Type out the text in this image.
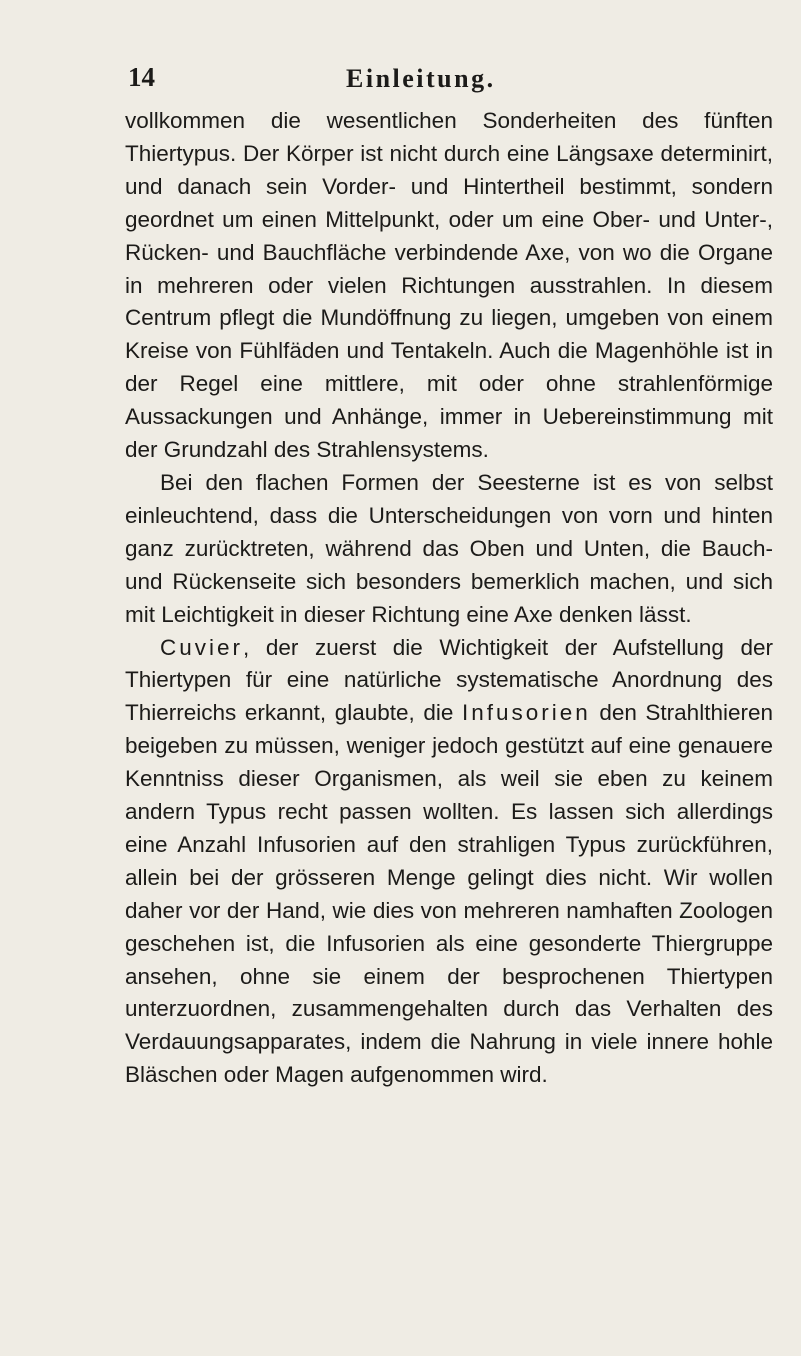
14	Einleitung.

vollkommen die wesentlichen Sonderheiten des fünften Thiertypus. Der Körper ist nicht durch eine Längsaxe determinirt, und danach sein Vorder- und Hintertheil bestimmt, sondern geordnet um einen Mittelpunkt, oder um eine Ober- und Unter-, Rücken- und Bauchfläche verbindende Axe, von wo die Organe in mehreren oder vielen Richtungen ausstrahlen. In diesem Centrum pflegt die Mundöffnung zu liegen, umgeben von einem Kreise von Fühlfäden und Tentakeln. Auch die Magenhöhle ist in der Regel eine mittlere, mit oder ohne strahlenförmige Aussackungen und Anhänge, immer in Uebereinstimmung mit der Grundzahl des Strahlensystems.

Bei den flachen Formen der Seesterne ist es von selbst einleuchtend, dass die Unterscheidungen von vorn und hinten ganz zurücktreten, während das Oben und Unten, die Bauch- und Rückenseite sich besonders bemerklich machen, und sich mit Leichtigkeit in dieser Richtung eine Axe denken lässt.

Cuvier, der zuerst die Wichtigkeit der Aufstellung der Thiertypen für eine natürliche systematische Anordnung des Thierreichs erkannt, glaubte, die Infusorien den Strahlthieren beigeben zu müssen, weniger jedoch gestützt auf eine genauere Kenntniss dieser Organismen, als weil sie eben zu keinem andern Typus recht passen wollten. Es lassen sich allerdings eine Anzahl Infusorien auf den strahligen Typus zurückführen, allein bei der grösseren Menge gelingt dies nicht. Wir wollen daher vor der Hand, wie dies von mehreren namhaften Zoologen geschehen ist, die Infusorien als eine gesonderte Thiergruppe ansehen, ohne sie einem der besprochenen Thiertypen unterzuordnen, zusammengehalten durch das Verhalten des Verdauungsapparates, indem die Nahrung in viele innere hohle Bläschen oder Magen aufgenommen wird.
